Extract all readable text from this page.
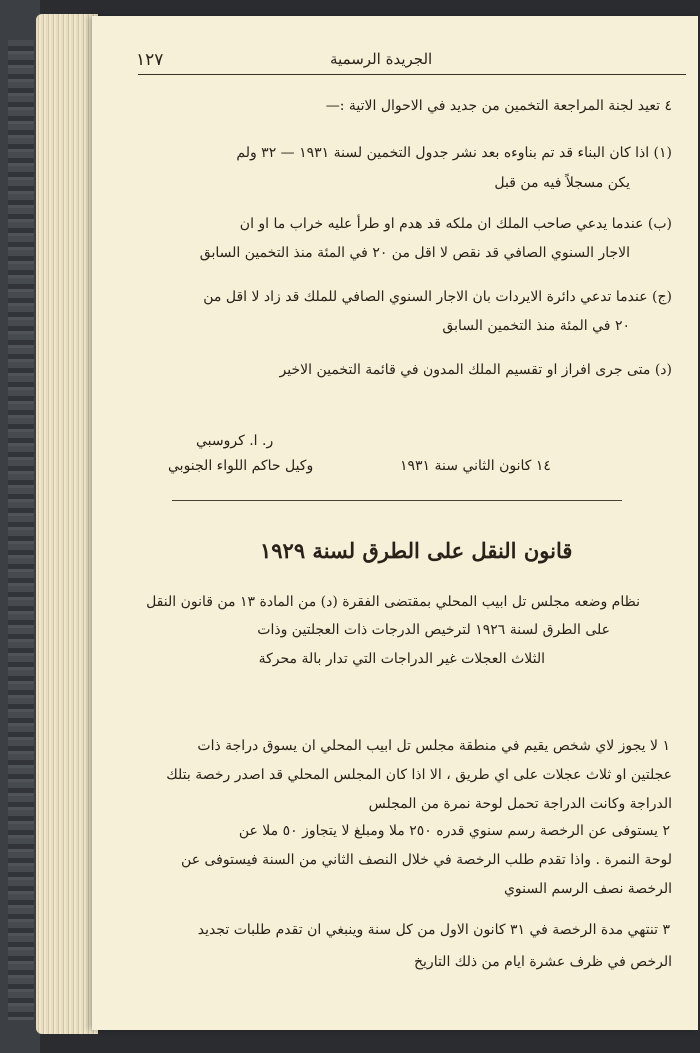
١٢٧	الجريدة الرسمية
٤ تعيد لجنة المراجعة التخمين من جديد في الاحوال الاتية :—
(١) اذا كان البناء قد تم بناوءه بعد نشر جدول التخمين لسنة ١٩٣١ — ٣٢ ولم
يكن مسجلاً فيه من قبل
(ب) عندما يدعي صاحب الملك ان ملكه قد هدم او طرأ عليه خراب ما او ان
الاجار السنوي الصافي قد نقص لا اقل من ٢٠ في المئة منذ التخمين السابق
(ج) عندما تدعي دائرة الايردات بان الاجار السنوي الصافي للملك قد زاد لا اقل من
٢٠ في المئة منذ التخمين السابق
(د) متى جرى افراز او تقسيم الملك المدون في قائمة التخمين الاخير
١٤ كانون الثاني سنة ١٩٣١
ر. ا. كروسبي
وكيل حاكم اللواء الجنوبي
قانون النقل على الطرق لسنة ١٩٢٩
نظام وضعه مجلس تل ابيب المحلي بمقتضى الفقرة (د) من المادة ١٣ من قانون النقل
على الطرق لسنة ١٩٢٦ لترخيص الدرجات ذات العجلتين وذات
الثلاث العجلات غير الدراجات التي تدار بالة محركة
١ لا يجوز لاي شخص يقيم في منطقة مجلس تل ابيب المحلي ان يسوق دراجة ذات
عجلتين او ثلاث عجلات على اي طريق ، الا اذا كان المجلس المحلي قد اصدر رخصة بتلك
الدراجة وكانت الدراجة تحمل لوحة نمرة من المجلس
٢ يستوفى عن الرخصة رسم سنوي قدره ٢٥٠ ملا ومبلغ لا يتجاوز ٥٠ ملا عن
لوحة النمرة . واذا تقدم طلب الرخصة في خلال النصف الثاني من السنة فيستوفى عن
الرخصة نصف الرسم السنوي
٣ تنتهي مدة الرخصة في ٣١ كانون الاول من كل سنة وينبغي ان تقدم طلبات تجديد
الرخص في ظرف عشرة ايام من ذلك التاريخ
